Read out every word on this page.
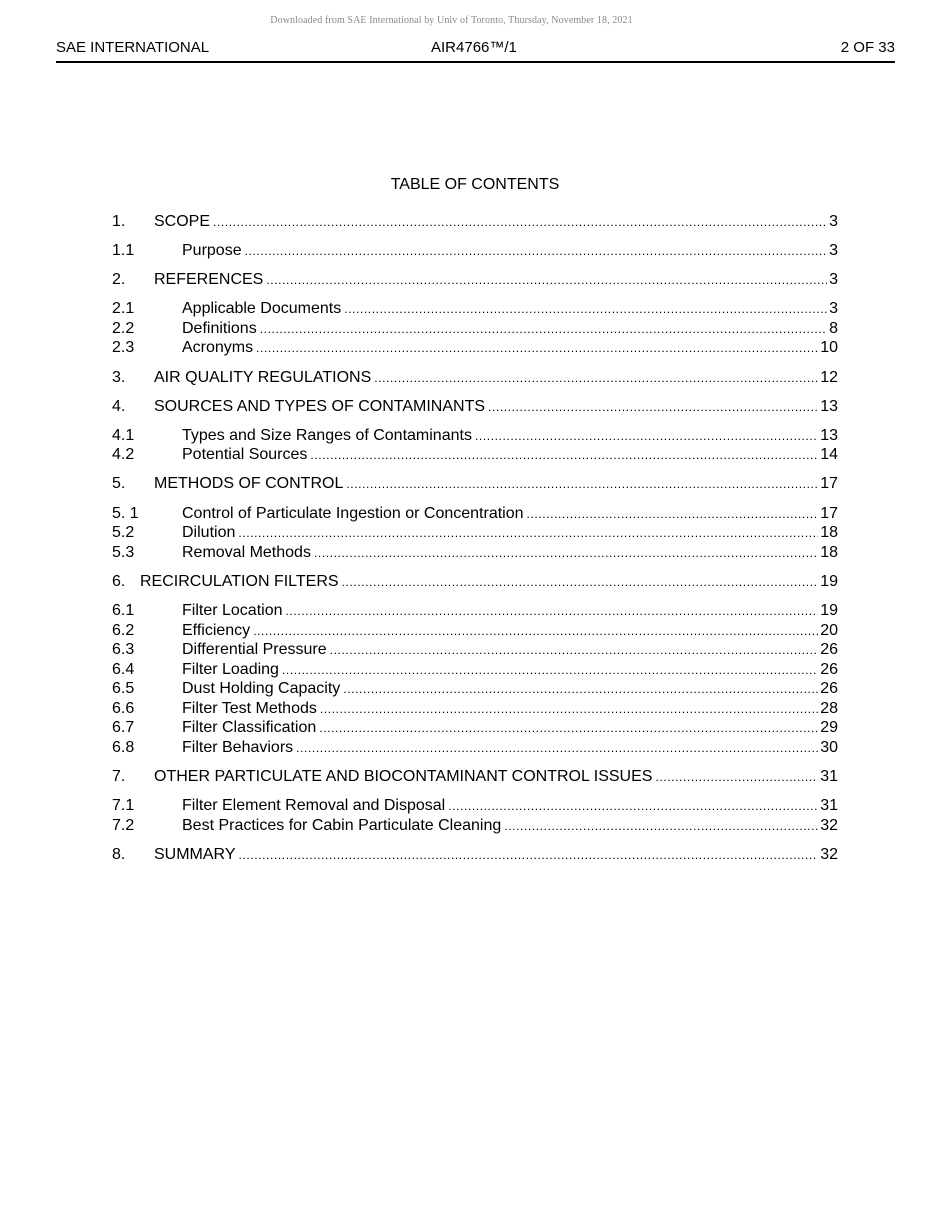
Downloaded from SAE International by Univ of Toronto, Thursday, November 18, 2021
SAE INTERNATIONAL	AIR4766™/1	2 OF 33
TABLE OF CONTENTS
1. SCOPE .....	3
1.1	Purpose .....	3
2. REFERENCES .....	3
2.1	Applicable Documents .....	3
2.2	Definitions .....	8
2.3	Acronyms .....	10
3. AIR QUALITY REGULATIONS .....	12
4. SOURCES AND TYPES OF CONTAMINANTS .....	13
4.1	Types and Size Ranges of Contaminants .....	13
4.2	Potential Sources .....	14
5. METHODS OF CONTROL .....	17
5. 1	Control of Particulate Ingestion or Concentration .....	17
5.2	Dilution .....	18
5.3	Removal Methods .....	18
6. RECIRCULATION FILTERS .....	19
6.1	Filter Location .....	19
6.2	Efficiency .....	20
6.3	Differential Pressure .....	26
6.4	Filter Loading .....	26
6.5	Dust Holding Capacity .....	26
6.6	Filter Test Methods .....	28
6.7	Filter Classification .....	29
6.8	Filter Behaviors .....	30
7. OTHER PARTICULATE AND BIOCONTAMINANT CONTROL ISSUES .....	31
7.1	Filter Element Removal and Disposal .....	31
7.2	Best Practices for Cabin Particulate Cleaning .....	32
8. SUMMARY .....	32
